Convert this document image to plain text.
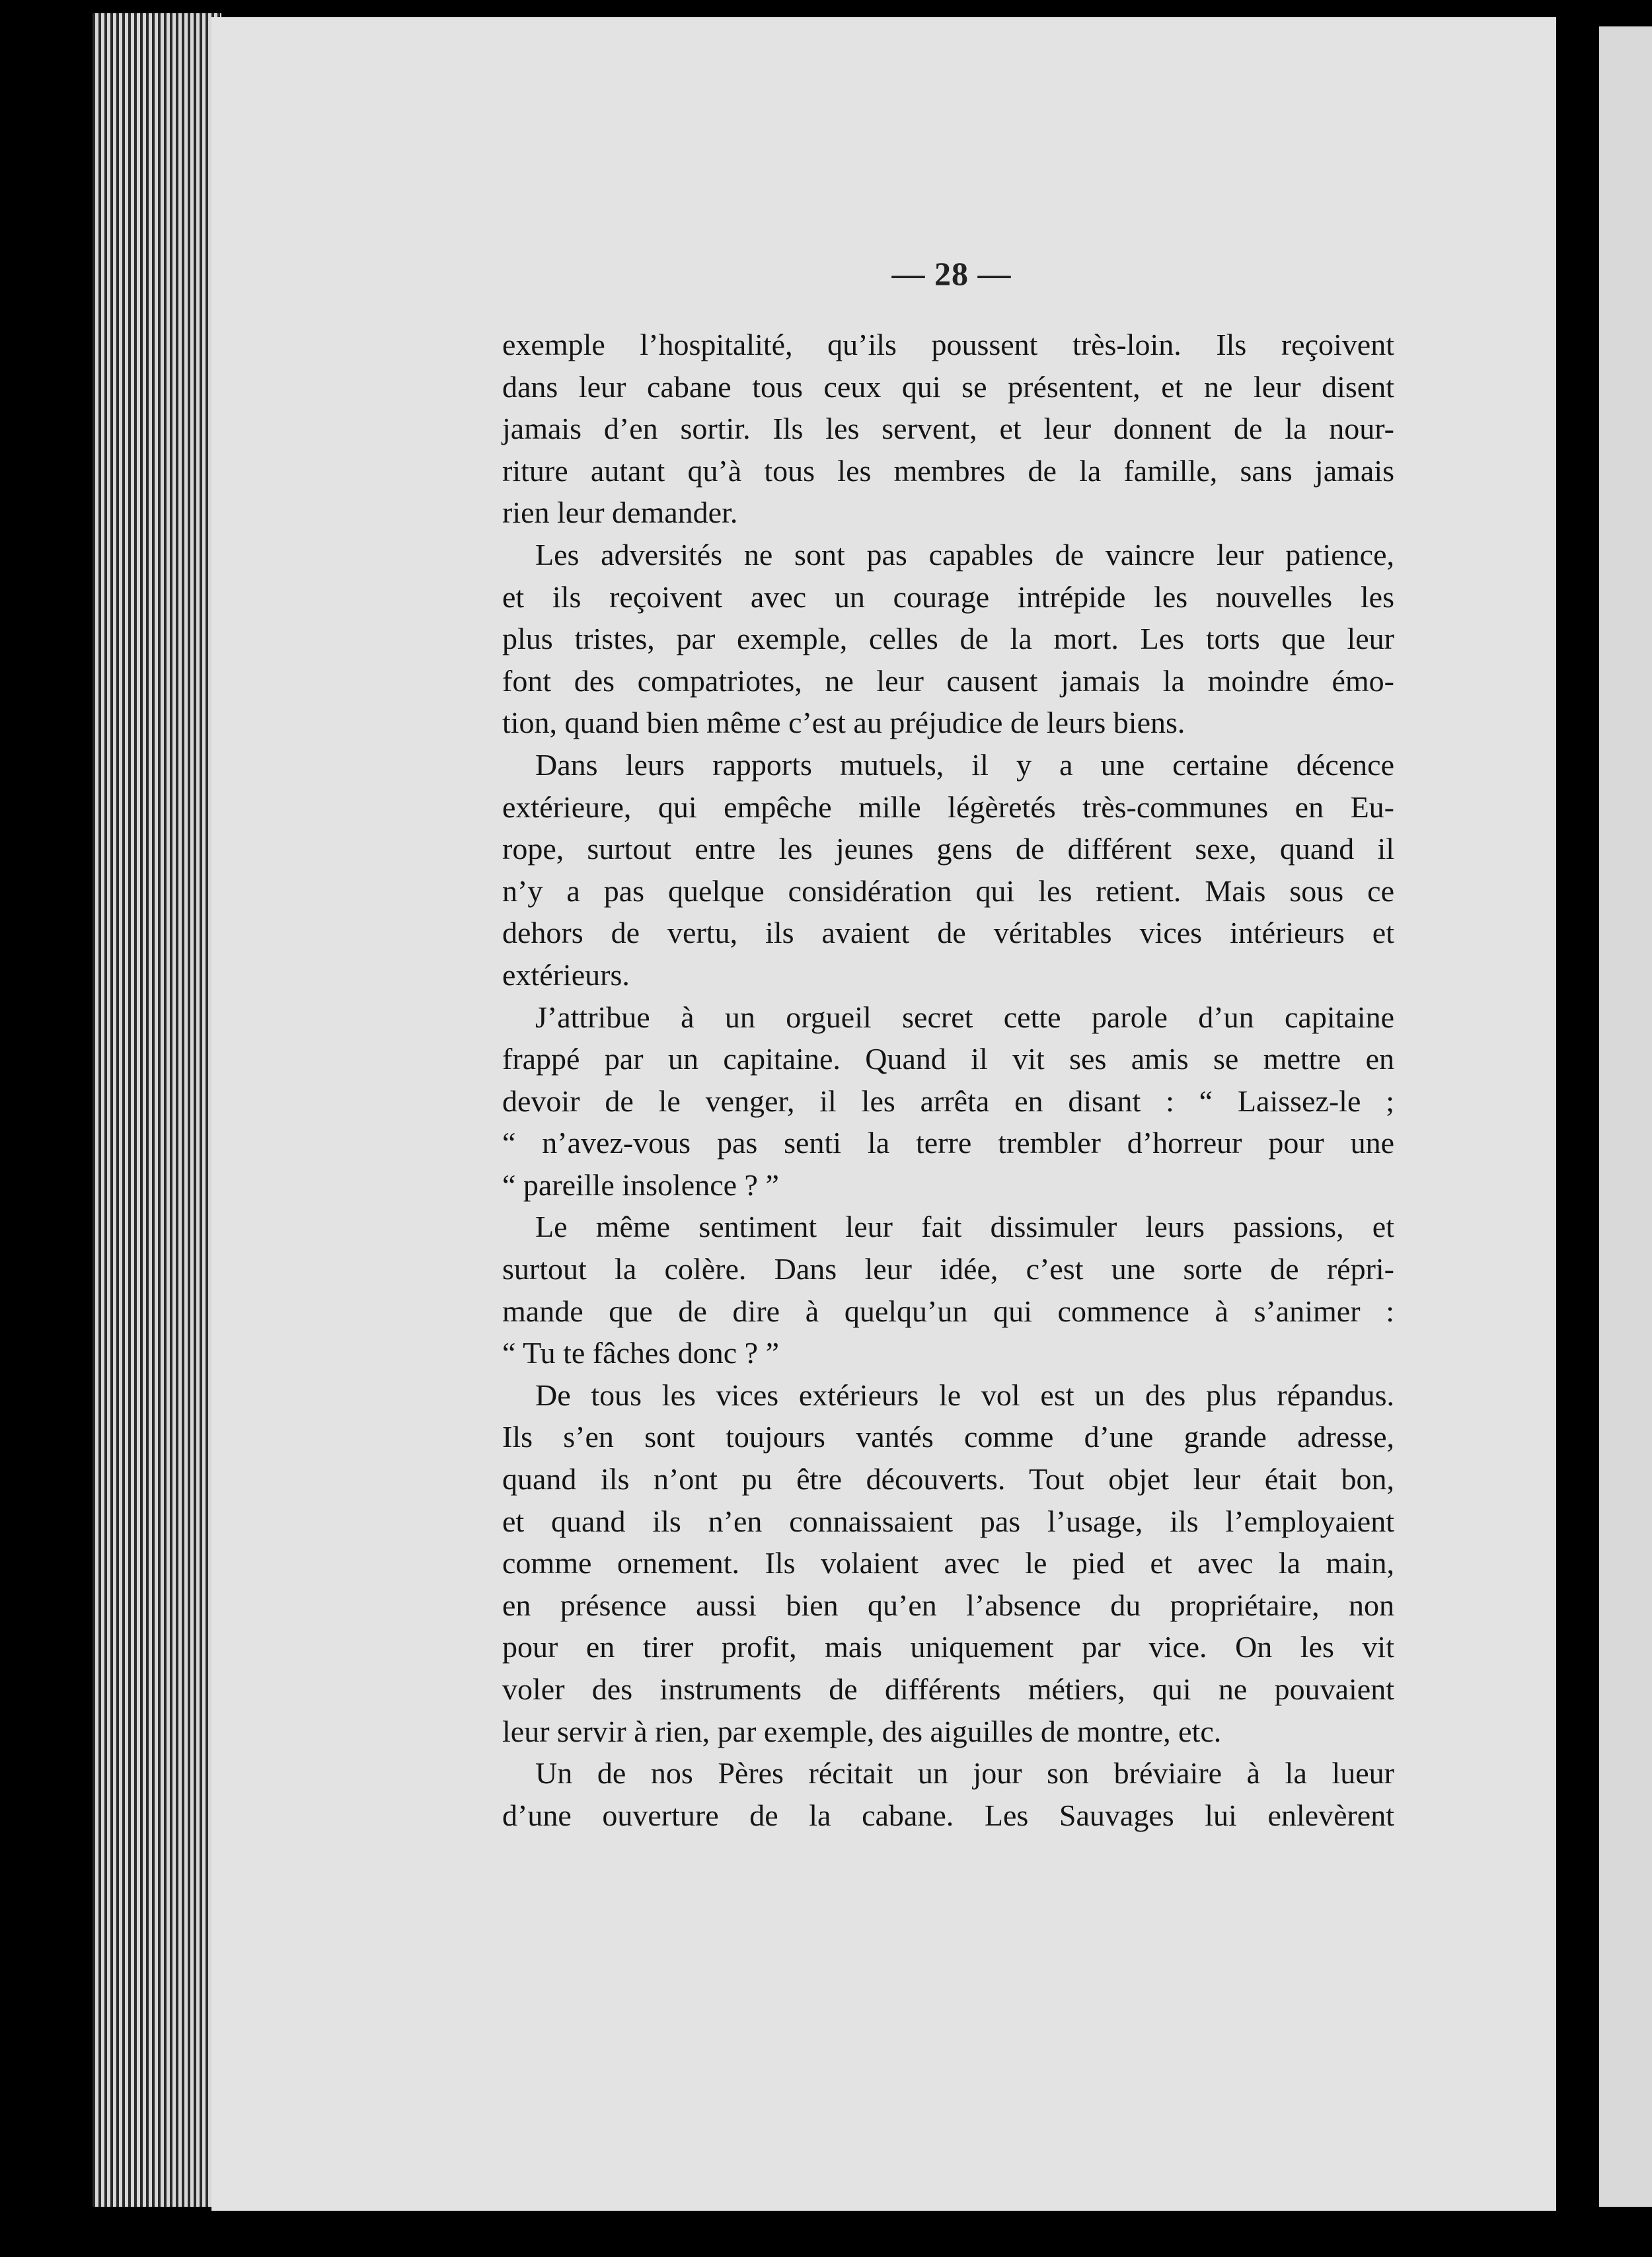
— 28 —
exemple l’hospitalité, qu’ils poussent très-loin. Ils reçoivent
dans leur cabane tous ceux qui se présentent, et ne leur disent
jamais d’en sortir. Ils les servent, et leur donnent de la nour-
riture autant qu’à tous les membres de la famille, sans jamais
rien leur demander.
Les adversités ne sont pas capables de vaincre leur patience,
et ils reçoivent avec un courage intrépide les nouvelles les
plus tristes, par exemple, celles de la mort. Les torts que leur
font des compatriotes, ne leur causent jamais la moindre émo-
tion, quand bien même c’est au préjudice de leurs biens.
Dans leurs rapports mutuels, il y a une certaine décence
extérieure, qui empêche mille légèretés très-communes en Eu-
rope, surtout entre les jeunes gens de différent sexe, quand il
n’y a pas quelque considération qui les retient. Mais sous ce
dehors de vertu, ils avaient de véritables vices intérieurs et
extérieurs.
J’attribue à un orgueil secret cette parole d’un capitaine
frappé par un capitaine. Quand il vit ses amis se mettre en
devoir de le venger, il les arrêta en disant : “ Laissez-le ;
“ n’avez-vous pas senti la terre trembler d’horreur pour une
“ pareille insolence ? ”
Le même sentiment leur fait dissimuler leurs passions, et
surtout la colère. Dans leur idée, c’est une sorte de répri-
mande que de dire à quelqu’un qui commence à s’animer :
“ Tu te fâches donc ? ”
De tous les vices extérieurs le vol est un des plus répandus.
Ils s’en sont toujours vantés comme d’une grande adresse,
quand ils n’ont pu être découverts. Tout objet leur était bon,
et quand ils n’en connaissaient pas l’usage, ils l’employaient
comme ornement. Ils volaient avec le pied et avec la main,
en présence aussi bien qu’en l’absence du propriétaire, non
pour en tirer profit, mais uniquement par vice. On les vit
voler des instruments de différents métiers, qui ne pouvaient
leur servir à rien, par exemple, des aiguilles de montre, etc.
Un de nos Pères récitait un jour son bréviaire à la lueur
d’une ouverture de la cabane. Les Sauvages lui enlevèrent
